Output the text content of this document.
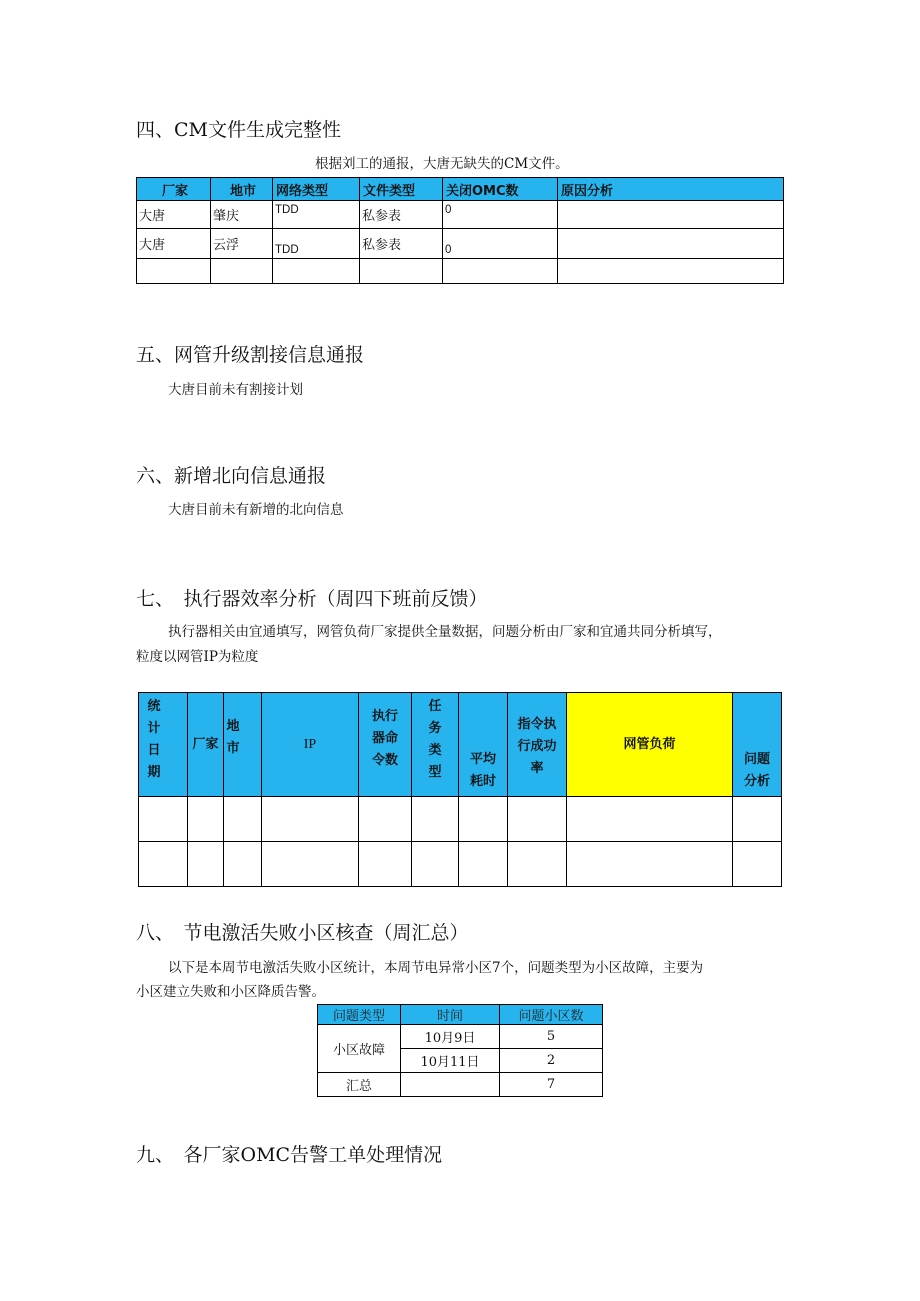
四、CM文件生成完整性
根据刘工的通报，大唐无缺失的CM文件。
厂家	地市	网络类型	文件类型	关闭OMC数	原因分析
大唐	肇庆	TDD	私参表	0	
大唐	云浮	TDD	私参表	0	

五、网管升级割接信息通报
大唐目前未有割接计划
六、新增北向信息通报
大唐目前未有新增的北向信息
七、　执行器效率分析（周四下班前反馈）
执行器相关由宜通填写，网管负荷厂家提供全量数据，问题分析由厂家和宜通共同分析填写，
粒度以网管IP为粒度
统计日期	厂家	地市	IP	执行器命令数	任务类型	平均耗时	指令执行成功率	网管负荷	问题分析

八、　节电激活失败小区核查（周汇总）
以下是本周节电激活失败小区统计，本周节电异常小区7个，问题类型为小区故障，主要为
小区建立失败和小区降质告警。
问题类型	时间	问题小区数
小区故障	10月9日	5
	10月11日	2
汇总		7
九、　各厂家OMC告警工单处理情况
